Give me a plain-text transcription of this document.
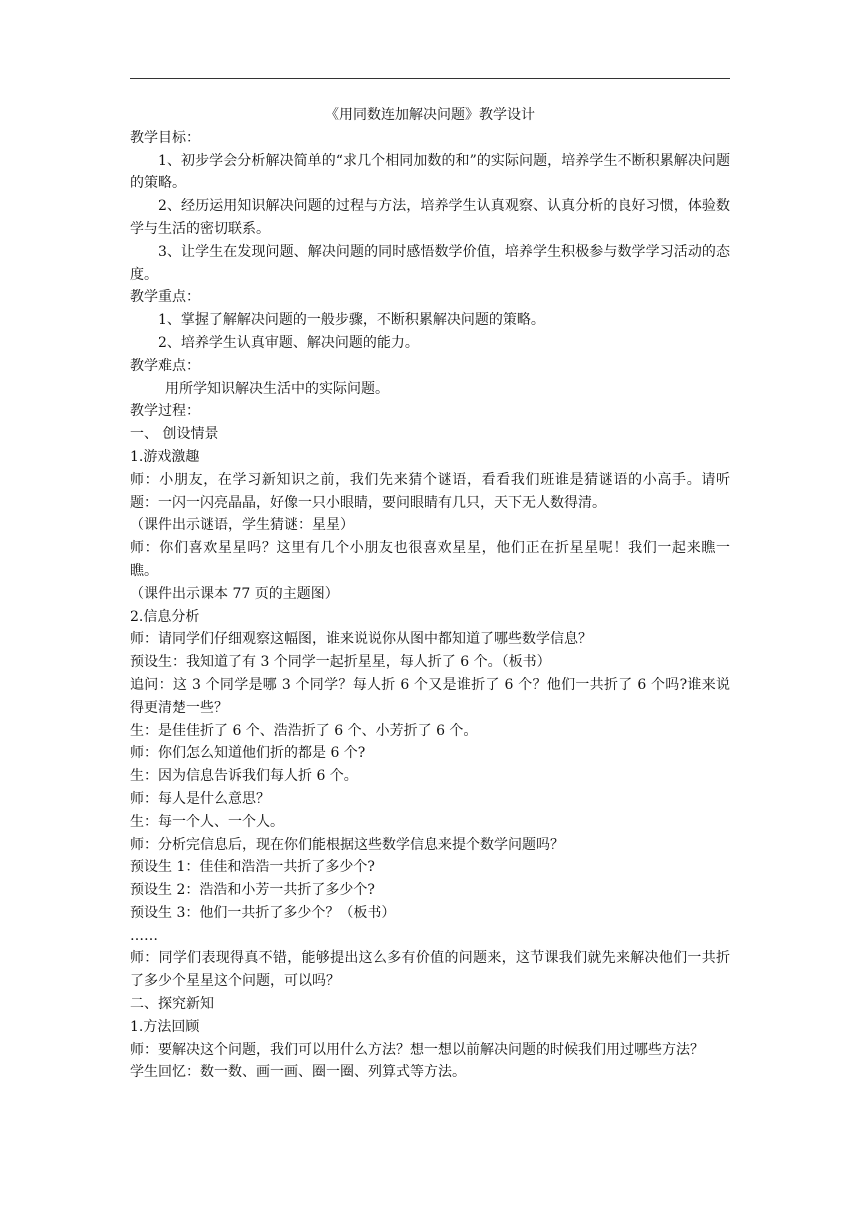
《用同数连加解决问题》教学设计

教学目标：

1、初步学会分析解决简单的“求几个相同加数的和”的实际问题，培养学生不断积累解决问题的策略。

2、经历运用知识解决问题的过程与方法，培养学生认真观察、认真分析的良好习惯，体验数学与生活的密切联系。

3、让学生在发现问题、解决问题的同时感悟数学价值，培养学生积极参与数学学习活动的态度。

教学重点：

1、掌握了解解决问题的一般步骤，不断积累解决问题的策略。

2、培养学生认真审题、解决问题的能力。

教学难点：

用所学知识解决生活中的实际问题。

教学过程：

一、 创设情景

1.游戏激趣

师：小朋友，在学习新知识之前，我们先来猜个谜语，看看我们班谁是猜谜语的小高手。请听题：一闪一闪亮晶晶，好像一只小眼睛，要问眼睛有几只，天下无人数得清。

（课件出示谜语，学生猜谜：星星）

师：你们喜欢星星吗？这里有几个小朋友也很喜欢星星，他们正在折星星呢！我们一起来瞧一瞧。

（课件出示课本 77 页的主题图）

2.信息分析

师：请同学们仔细观察这幅图，谁来说说你从图中都知道了哪些数学信息？

预设生：我知道了有 3 个同学一起折星星，每人折了 6 个。（板书）

追问：这 3 个同学是哪 3 个同学？每人折 6 个又是谁折了 6 个？他们一共折了 6 个吗?谁来说得更清楚一些？

生：是佳佳折了 6 个、浩浩折了 6 个、小芳折了 6 个。

师：你们怎么知道他们折的都是 6 个?

生：因为信息告诉我们每人折 6 个。

师：每人是什么意思？

生：每一个人、一个人。

师：分析完信息后，现在你们能根据这些数学信息来提个数学问题吗？

预设生 1：佳佳和浩浩一共折了多少个?

预设生 2：浩浩和小芳一共折了多少个?

预设生 3：他们一共折了多少个？（板书）

……

师：同学们表现得真不错，能够提出这么多有价值的问题来，这节课我们就先来解决他们一共折了多少个星星这个问题，可以吗？

二、探究新知

1.方法回顾

师：要解决这个问题，我们可以用什么方法？想一想以前解决问题的时候我们用过哪些方法？

学生回忆：数一数、画一画、圈一圈、列算式等方法。
